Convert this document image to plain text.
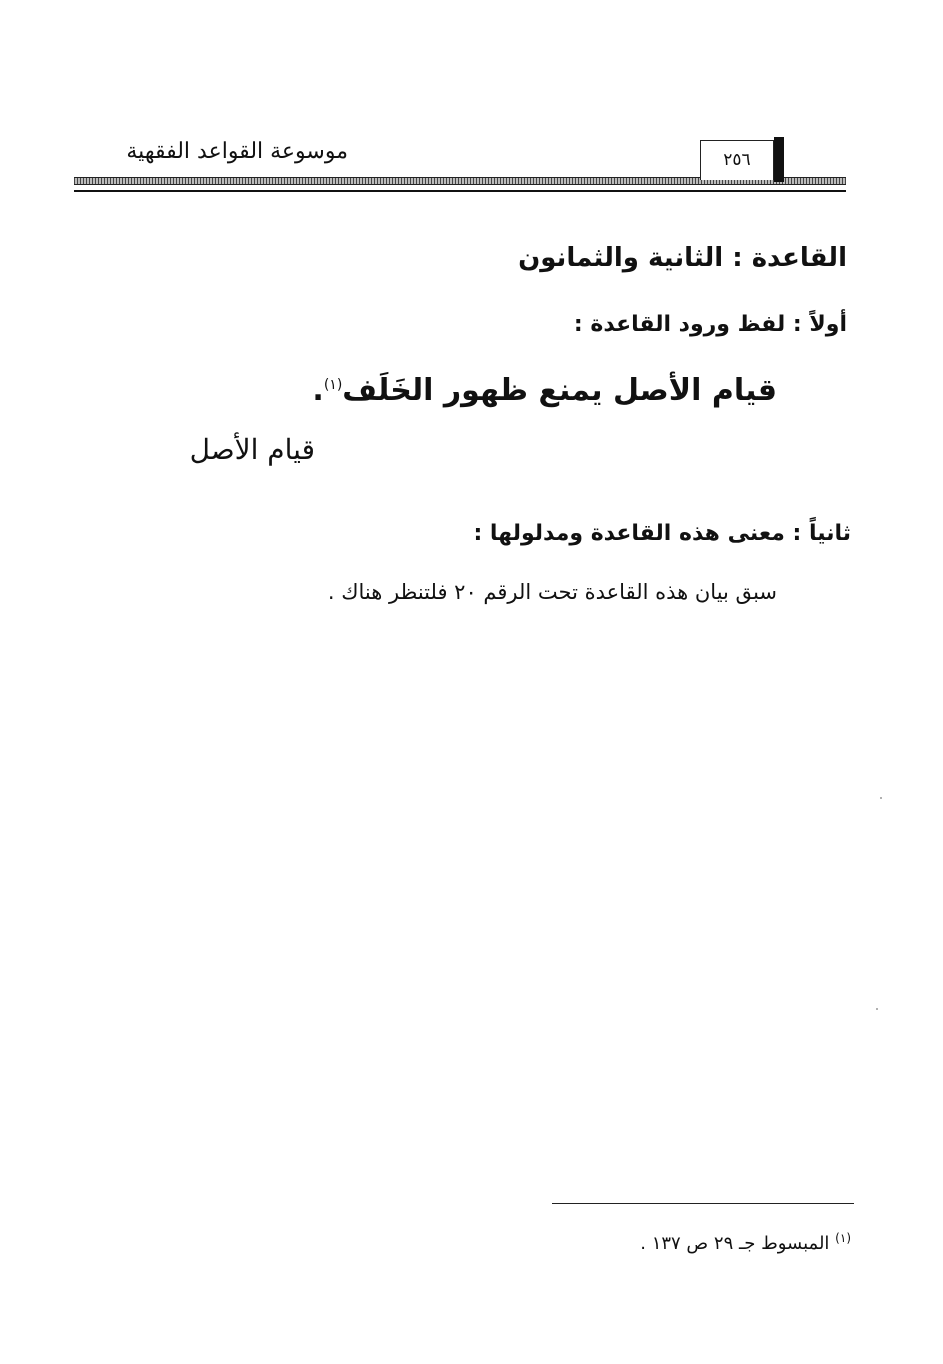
موسوعة القواعد الفقهية	٢٥٦
القاعدة : الثانية والثمانون
أولاً : لفظ ورود القاعدة :
قيام الأصل يمنع ظهور الخَلَف$^{(١)}$.
قيام الأصل
ثانياً : معنى هذه القاعدة ومدلولها :
سبق بيان هذه القاعدة تحت الرقم ٢٠ فلتنظر هناك .
$^{(١)}$ المبسوط جـ ٢٩ ص ١٣٧ .
